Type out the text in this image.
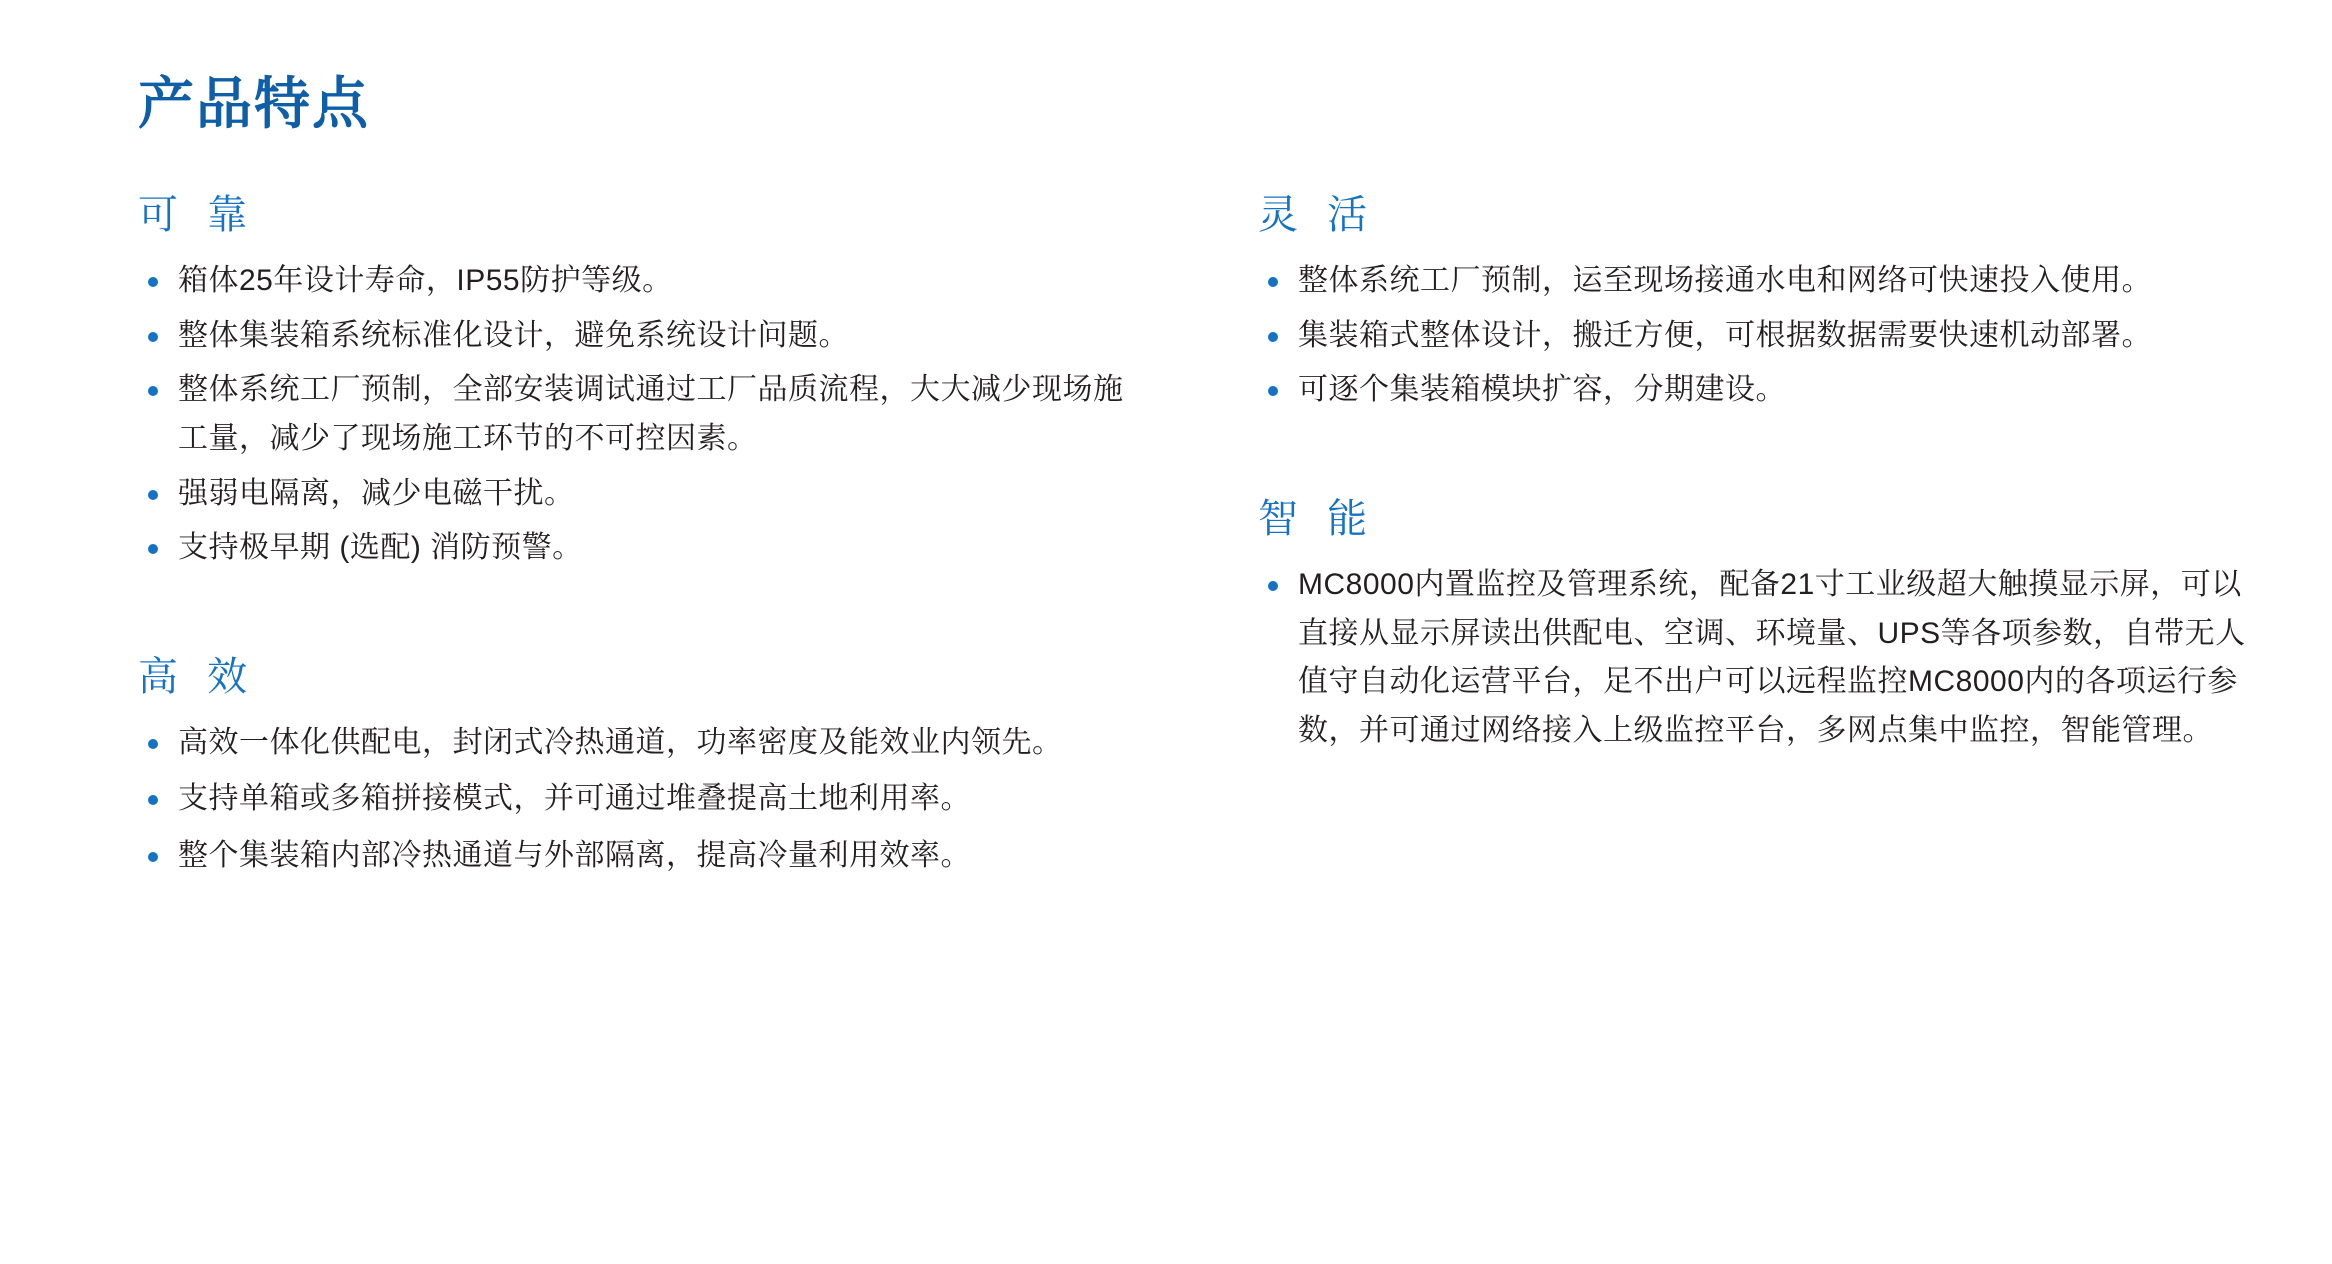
产品特点
可 靠
箱体25年设计寿命，IP55防护等级。
整体集装箱系统标准化设计，避免系统设计问题。
整体系统工厂预制，全部安装调试通过工厂品质流程，大大减少现场施工量，减少了现场施工环节的不可控因素。
强弱电隔离，减少电磁干扰。
支持极早期 (选配) 消防预警。
高 效
高效一体化供配电，封闭式冷热通道，功率密度及能效业内领先。
支持单箱或多箱拼接模式，并可通过堆叠提高土地利用率。
整个集装箱内部冷热通道与外部隔离，提高冷量利用效率。
灵 活
整体系统工厂预制，运至现场接通水电和网络可快速投入使用。
集装箱式整体设计，搬迁方便，可根据数据需要快速机动部署。
可逐个集装箱模块扩容，分期建设。
智 能
MC8000内置监控及管理系统，配备21寸工业级超大触摸显示屏，可以直接从显示屏读出供配电、空调、环境量、UPS等各项参数，自带无人值守自动化运营平台，足不出户可以远程监控MC8000内的各项运行参数，并可通过网络接入上级监控平台，多网点集中监控，智能管理。
